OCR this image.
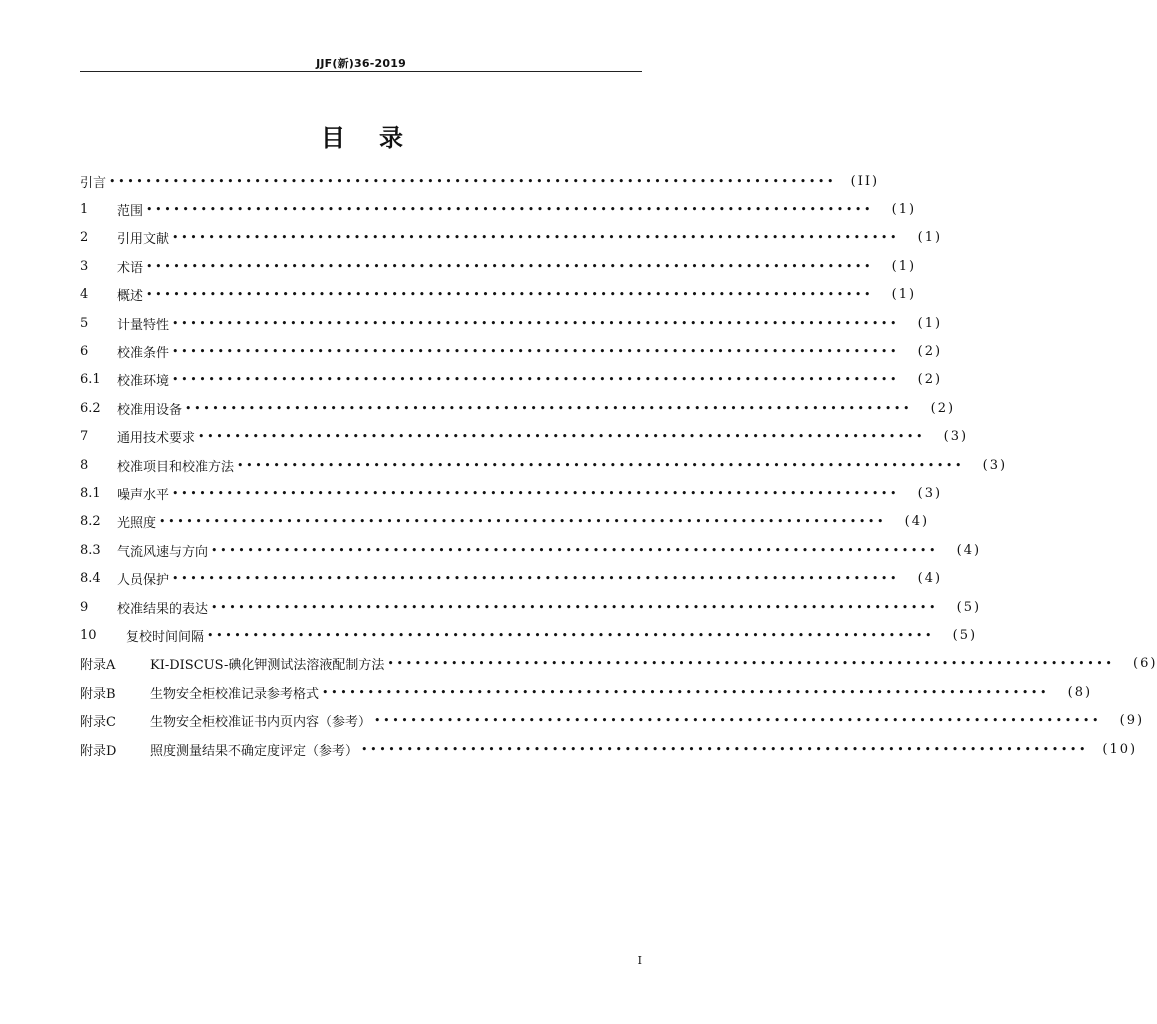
JJF(新)36-2019
目录
引言 ••••••••••••••••••••••••••••••••••••••••••••••••••••••••••••••••••••••••••••••••	(II)
1	范围 ••••••••••••••••••••••••••••••••••••••••••••••••••••••••••••••••••••••••••••••••	(1)
2	引用文献 ••••••••••••••••••••••••••••••••••••••••••••••••••••••••••••••••••••••••••••••••	(1)
3	术语 ••••••••••••••••••••••••••••••••••••••••••••••••••••••••••••••••••••••••••••••••	(1)
4	概述 ••••••••••••••••••••••••••••••••••••••••••••••••••••••••••••••••••••••••••••••••	(1)
5	计量特性 ••••••••••••••••••••••••••••••••••••••••••••••••••••••••••••••••••••••••••••••••	(1)
6	校准条件 ••••••••••••••••••••••••••••••••••••••••••••••••••••••••••••••••••••••••••••••••	(2)
6.1	校准环境 ••••••••••••••••••••••••••••••••••••••••••••••••••••••••••••••••••••••••••••••••	(2)
6.2	校准用设备 ••••••••••••••••••••••••••••••••••••••••••••••••••••••••••••••••••••••••••••••••	(2)
7	通用技术要求 ••••••••••••••••••••••••••••••••••••••••••••••••••••••••••••••••••••••••••••••••	(3)
8	校准项目和校准方法 ••••••••••••••••••••••••••••••••••••••••••••••••••••••••••••••••••••••••••••••••	(3)
8.1	噪声水平 ••••••••••••••••••••••••••••••••••••••••••••••••••••••••••••••••••••••••••••••••	(3)
8.2	光照度 ••••••••••••••••••••••••••••••••••••••••••••••••••••••••••••••••••••••••••••••••	(4)
8.3	气流风速与方向 ••••••••••••••••••••••••••••••••••••••••••••••••••••••••••••••••••••••••••••••••	(4)
8.4	人员保护 ••••••••••••••••••••••••••••••••••••••••••••••••••••••••••••••••••••••••••••••••	(4)
9	校准结果的表达 ••••••••••••••••••••••••••••••••••••••••••••••••••••••••••••••••••••••••••••••••	(5)
10	复校时间间隔 ••••••••••••••••••••••••••••••••••••••••••••••••••••••••••••••••••••••••••••••••	(5)
附录A	KI-DISCUS-碘化钾测试法溶液配制方法 ••••••••••••••••••••••••••••••••••••••••••••••••••••••••••••••••••••••••••••••••	(6)
附录B	生物安全柜校准记录参考格式 ••••••••••••••••••••••••••••••••••••••••••••••••••••••••••••••••••••••••••••••••	(8)
附录C	生物安全柜校准证书内页内容（参考） ••••••••••••••••••••••••••••••••••••••••••••••••••••••••••••••••••••••••••••••••	(9)
附录D	照度测量结果不确定度评定（参考） ••••••••••••••••••••••••••••••••••••••••••••••••••••••••••••••••••••••••••••••••	(10)
I
